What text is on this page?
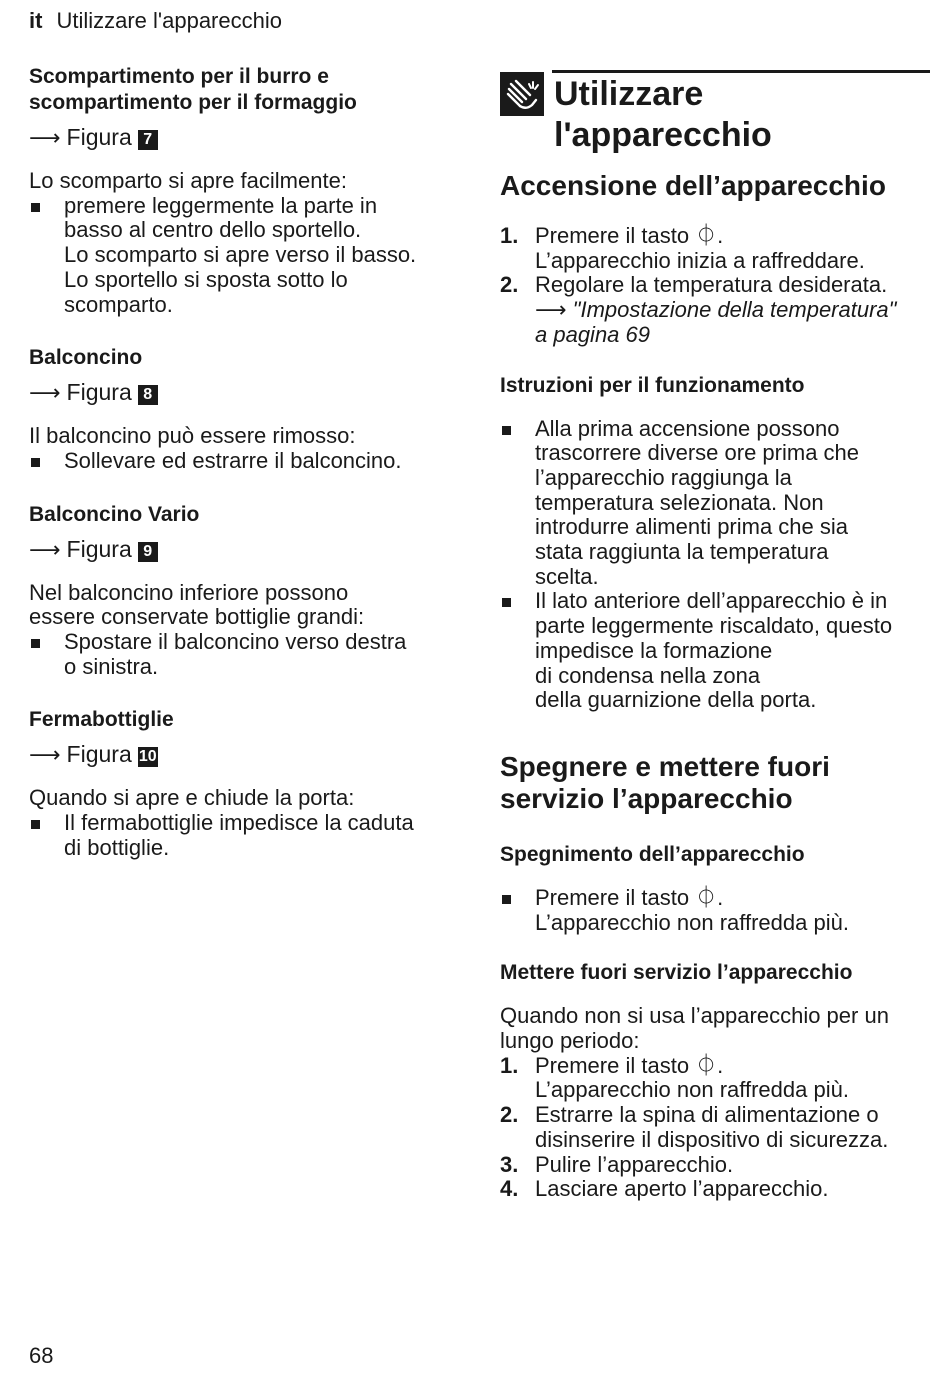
it Utilizzare l'apparecchio
Scompartimento per il burro e
scompartimento per il formaggio
⟶ Figura 7

Lo scomparto si apre facilmente:

premere leggermente la parte in
basso al centro dello sportello.
Lo scomparto si apre verso il basso.
Lo sportello si sposta sotto lo
scomparto.
Balconcino
⟶ Figura 8

Il balconcino può essere rimosso:

Sollevare ed estrarre il balconcino.
Balconcino Vario
⟶ Figura 9
Nel balconcino inferiore possono
essere conservate bottiglie grandi:
Spostare il balconcino verso destra
o sinistra.
Fermabottiglie
⟶ Figura 10

Quando si apre e chiude la porta:

Il fermabottiglie impedisce la caduta
di bottiglie.
Utilizzare
l'apparecchio
Accensione dell’apparecchio
1. Premere il tasto ⏀.
L’apparecchio inizia a raffreddare.
2. Regolare la temperatura desiderata.
⟶ "Impostazione della temperatura"
a pagina 69
Istruzioni per il funzionamento
Alla prima accensione possono
trascorrere diverse ore prima che
l’apparecchio raggiunga la
temperatura selezionata. Non
introdurre alimenti prima che sia
stata raggiunta la temperatura
scelta.
Il lato anteriore dell’apparecchio è in
parte leggermente riscaldato, questo
impedisce la formazione
di condensa nella zona
della guarnizione della porta.
Spegnere e mettere fuori
servizio l’apparecchio
Spegnimento dell’apparecchio
Premere il tasto ⏀.
L’apparecchio non raffredda più.
Mettere fuori servizio l’apparecchio
Quando non si usa l’apparecchio per un
lungo periodo:
1. Premere il tasto ⏀.
L’apparecchio non raffredda più.
2. Estrarre la spina di alimentazione o
disinserire il dispositivo di sicurezza.
3. Pulire l’apparecchio.
4. Lasciare aperto l’apparecchio.
68
